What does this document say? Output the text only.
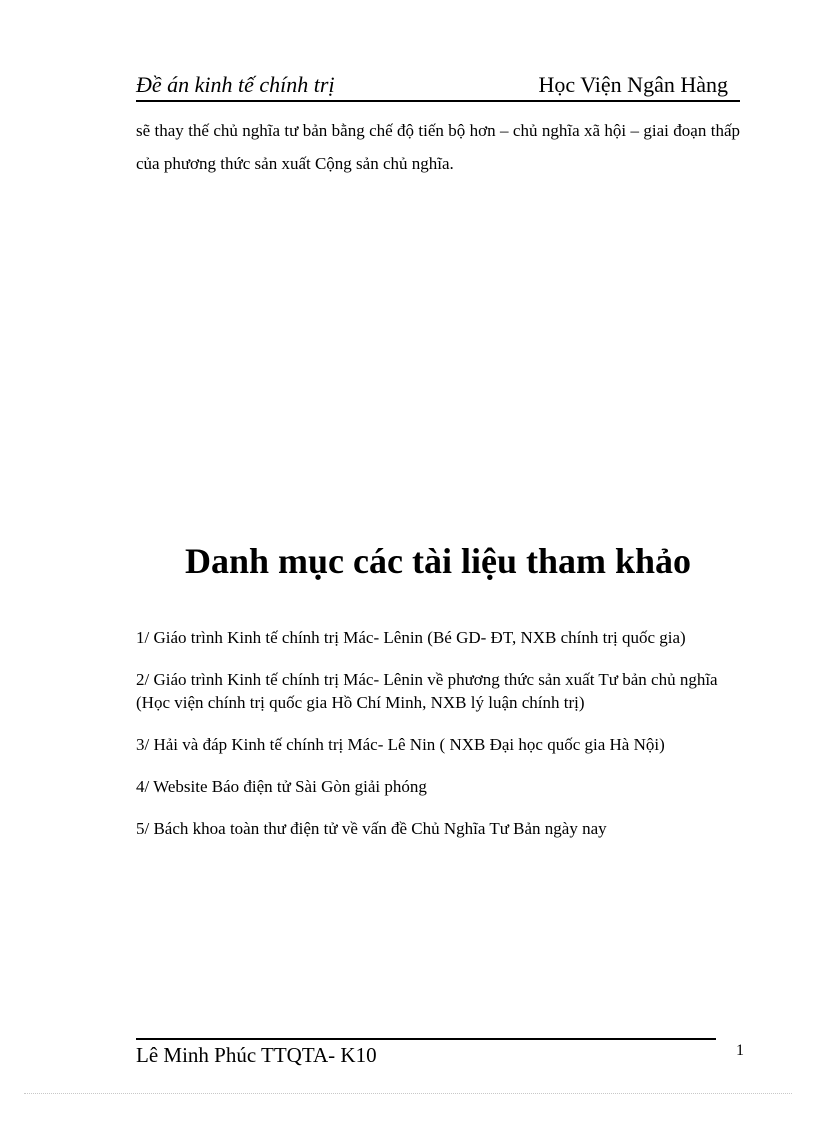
Đề án kinh tế chính trị	Học Viện Ngân Hàng

sẽ thay thế chủ nghĩa tư bản bằng chế độ tiến bộ hơn – chủ nghĩa xã hội – giai đoạn thấp của phương thức sản xuất Cộng sản chủ nghĩa.

Danh mục các tài liệu tham khảo
1/ Giáo trình Kinh tế chính trị Mác- Lênin (Bé GD- ĐT, NXB chính trị quốc gia)
2/ Giáo trình Kinh tế chính trị Mác- Lênin về phương thức sản xuất Tư bản chủ nghĩa (Học viện chính trị quốc gia Hồ Chí Minh, NXB lý luận chính trị)
3/ Hải và đáp Kinh tế chính trị Mác- Lê Nin ( NXB Đại học quốc gia Hà Nội)
4/ Website Báo điện tử Sài Gòn giải phóng
5/ Bách khoa toàn thư điện tử về vấn đề Chủ Nghĩa Tư Bản ngày nay
Lê Minh Phúc TTQTA- K10	1
